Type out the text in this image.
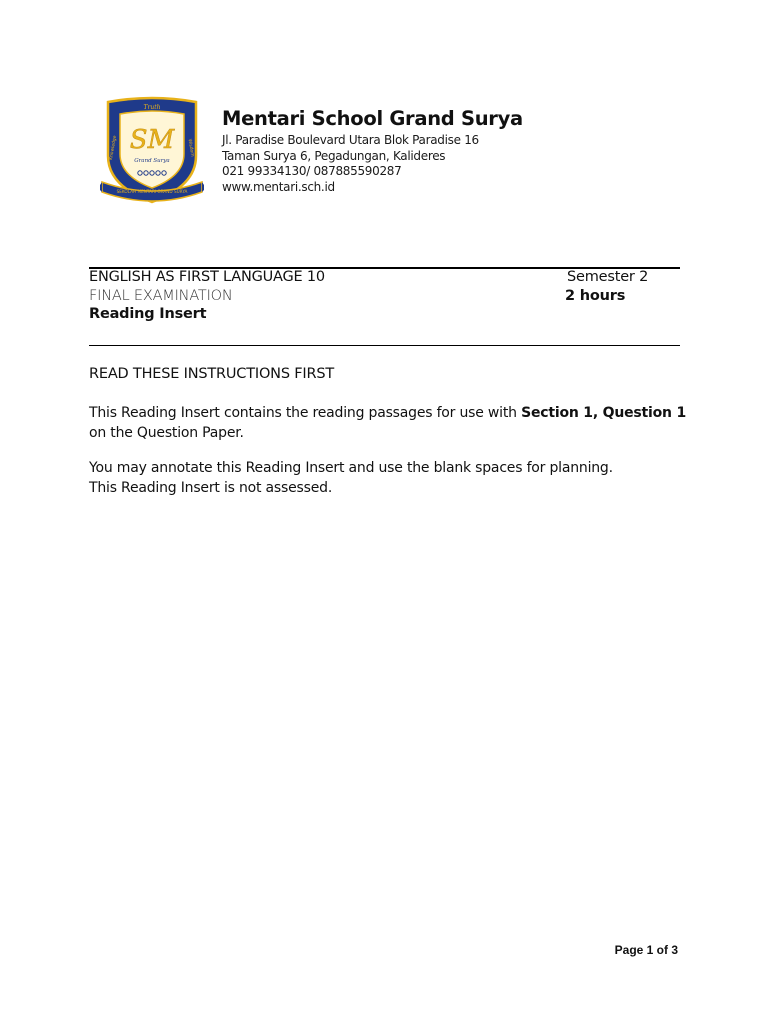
Truth
Knowledge	Wisdom
SM
Grand Surya
SEKOLAH MENTARI GRAND SURYA
Mentari School Grand Surya

Jl. Paradise Boulevard Utara Blok Paradise 16

Taman Surya 6, Pegadungan, Kalideres

021 99334130/ 087885590287

www.mentari.sch.id

ENGLISH AS FIRST LANGUAGE 10	Semester 2

FINAL EXAMINATION	2 hours

Reading Insert

READ THESE INSTRUCTIONS FIRST

This Reading Insert contains the reading passages for use with Section 1, Question 1
on the Question Paper.

You may annotate this Reading Insert and use the blank spaces for planning.
This Reading Insert is not assessed.

Page 1 of 3
